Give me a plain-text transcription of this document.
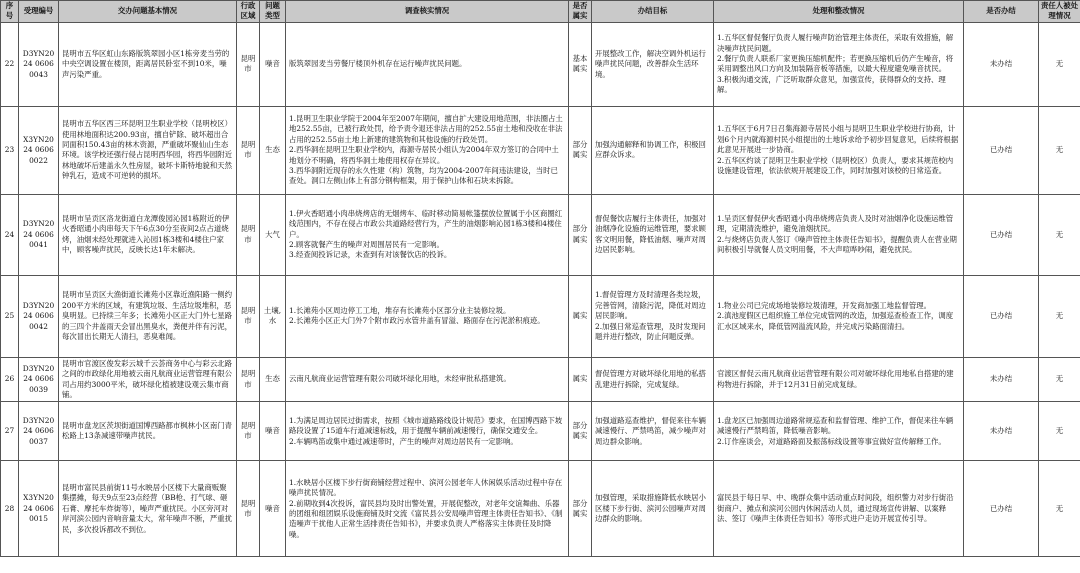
序号	受理编号	交办问题基本情况	行政区域	问题类型	调查核实情况	是否属实	办结目标	处理和整改情况	是否办结	责任人被处理情况
22	D3YN2024 06060043	昆明市五华区虹山东路版筑翠园小区1栋旁麦当劳的中央空调设置在楼顶，距离居民卧室不到10米，噪声污染严重。	昆明市	噪音	版筑翠园麦当劳餐厅楼顶外机存在运行噪声扰民问题。	基本属实	开展整改工作，解决空调外机运行噪声扰民问题，改善群众生活环境。	1.五华区督促餐厅负责人履行噪声防治管理主体责任，采取有效措施，解决噪声扰民问题。
2.餐厅负责人联系厂家更换压缩机配件；若更换压缩机后仍产生噪音，将采用调整出风口方向及加装隔音板等措施，以最大程度避免噪音扰民。
3.积极沟通交流，广泛听取群众意见，加强宣传，获得群众的支持、理解。	未办结	无
23	X3YN2024 06060022	昆明市五华区西三环昆明卫生职业学校（昆明校区）使用林地面积达200.93亩，擅自铲除、破坏超出合同面积150.43亩的林木资源，严重破坏聚仙山生态环境。该学校还强行侵占昆明西华园，将西华园附近林地破坏后建盖永久性房屋，破坏卡斯特地貌和天然钟乳石，造成不可逆转的损坏。	昆明市	生态	1.昆明卫生职业学院于2004年至2007年期间，擅自扩大建设用地范围，非法圈占土地252.55亩，已被行政处罚，给予责令退还非法占用的252.55亩土地和没收在非法占用的252.55亩土地上新建的建筑物和其他设施的行政处罚。
2.西华洞在昆明卫生职业学校内，海源寺居民小组认为2004年双方签订的合同中土地划分不明确，将西华洞土地使用权存在异议。
3.西华洞附近现存的永久性建（构）筑物，均为2004-2007年间违法建设，当时已查处。洞口左侧山体上有部分钢构框架，用于保护山体和石块未拆除。	部分属实	加强沟通解释和协调工作，积极回应群众诉求。	1.五华区于6月7日召集海源寺居民小组与昆明卫生职业学校进行协商，计划6个月内就海源村民小组提出的土地诉求给予初步回复意见，后续将根据此意见开展进一步协商。
2.五华区约谈了昆明卫生职业学校（昆明校区）负责人，要求其规范校内设施建设管理，依法依规开展建设工作，同时加强对该校的日常巡查。	已办结	无
24	D3YN2024 06060041	昆明市呈贡区洛龙街道白龙潭俊园沁园1栋附近的伊火香昭通小肉串每天下午6点30分至夜间2点占道烧烤，油烟未经处理就进入沁园1栋3楼和4楼住户家中，顾客噪声扰民，反映长达1年未解决。	昆明市	大气	1.伊火香昭通小肉串烧烤店的无烟烤车、临时移动简易帐篷摆放位置属于小区商圈红线范围内，不存在侵占市政公共道路经营行为，产生的油烟影响沁园1栋3楼和4楼住户。
2.顾客就餐产生的噪声对周围居民有一定影响。
3.经查阅投诉记录，未查到有对该餐饮店的投诉。	部分属实	督促餐饮店履行主体责任，加强对油烟净化设施的运维管理，要求顾客文明用餐，降低油烟、噪声对周边居民影响。	1.呈贡区督促伊火香昭通小肉串烧烤店负责人及时对油烟净化设施运维管理，定期清洗维护，避免油烟扰民。
2.与烧烤店负责人签订《噪声管控主体责任告知书》，提醒负责人在营业期间积极引导就餐人员文明用餐，不大声喧哗吵闹，避免扰民。	已办结	无
25	D3YN2024 06060042	昆明市呈贡区大渔街道长滩苑小区靠近渔阳路一侧约200平方米的区域，有建筑垃圾、生活垃圾堆积，恶臭明显。已持续三年多；长滩苑小区正大门外七星路的三四个井盖雨天会冒出黑臭水，粪便并伴有污泥，每次冒出长期无人清扫，恶臭难闻。	昆明市	土壤,水	1.长滩苑小区周边停工工地，堆存有长滩苑小区部分业主装修垃圾。
2.长滩苑小区正大门外7个附市政污水管井盖有冒溢、路面存在污泥淤积痕迹。	属实	1.督促管理方及时清理各类垃圾，完善管网，清除污泥，降低对周边居民影响。
2.加强日常巡查管理，及时发现问题并进行整改，防止问题反弹。	1.物业公司已完成场地装修垃圾清理，开发商加强工地监督管理。
2.滇池度假区已组织施工单位完成管网的改造，加强巡查检查工作，调度汇水区域来水，降低管网溢流风险，并完成污染路面清扫。	已办结	无
26	D3YN2024 06060039	昆明市官渡区俊发彩云城千云荟商务中心与彩云北路之间的市政绿化用地被云南凡航商业运营管理有限公司占用约3000平米，破坏绿化植被建设观云集市商铺。	昆明市	生态	云南凡航商业运营管理有限公司破坏绿化用地，未经审批私搭建筑。	属实	督促管理方对破坏绿化用地的私搭乱建进行拆除，完成复绿。	官渡区督促云南凡航商业运营管理有限公司对破坏绿化用地私自搭建的建构物进行拆除，并于12月31日前完成复绿。	未办结	无
27	D3YN2024 06060037	昆明市盘龙区茨坝街道国博西路都市枫林小区南门青松路上13条减速带噪声扰民。	昆明市	噪音	1.为满足周边居民过街需求，按照《城市道路路线设计规范》要求，在国博西路下坡路段设置了15道车行道减速标线，用于提醒车辆前减速慢行，确保交通安全。
2.车辆鸣笛或集中通过减速带时，产生的噪声对周边居民有一定影响。	部分属实	加强道路巡查维护，督促来往车辆减速慢行、严禁鸣笛，减少噪声对周边群众影响。	1.盘龙区已加强周边道路常规巡查和监督管理、维护工作，督促来往车辆减速慢行严禁鸣笛，降低噪音影响。
2.订作座谈会，对道路路面及振荡标线设置等事宜做好宣传解释工作。	未办结	无
28	X3YN2024 06060015	昆明市富民县前街11号水映居小区楼下大量商贩聚集摆摊，每天9点至23点经营（BB枪、打气球、砸石膏、摩托车炸街等），噪声严重扰民。小区旁河对岸河滨公园内音响音量太大，常年噪声不断，严重扰民，多次投诉都改不到位。	昆明市	噪音	1.水映居小区楼下步行街商铺经营过程中、滨河公园老年人休闲娱乐活动过程中存在噪声扰民情况。
2.前期收到4次投诉，富民县均及时出警处置，开展促整改，对老年交谊舞曲、乐器的团组和组团娱乐设施商铺及时交流《富民县公安局噪声管理主体责任告知书》、《制造噪声干扰他人正常生活排责任告知书》，并要求负责人严格落实主体责任及时降噪。	部分属实	加强管理，采取措施降低水映居小区楼下步行街、滨河公园噪声对周边群众的影响。	富民县于每日早、中、晚群众集中活动重点时间段，组织警力对步行街沿街商户、摊点和滨河公园内休闲活动人员，通过现场宣传讲解、以案释法、签订《噪声主体责任告知书》等形式进户走访开展宣传引导。	已办结	无
